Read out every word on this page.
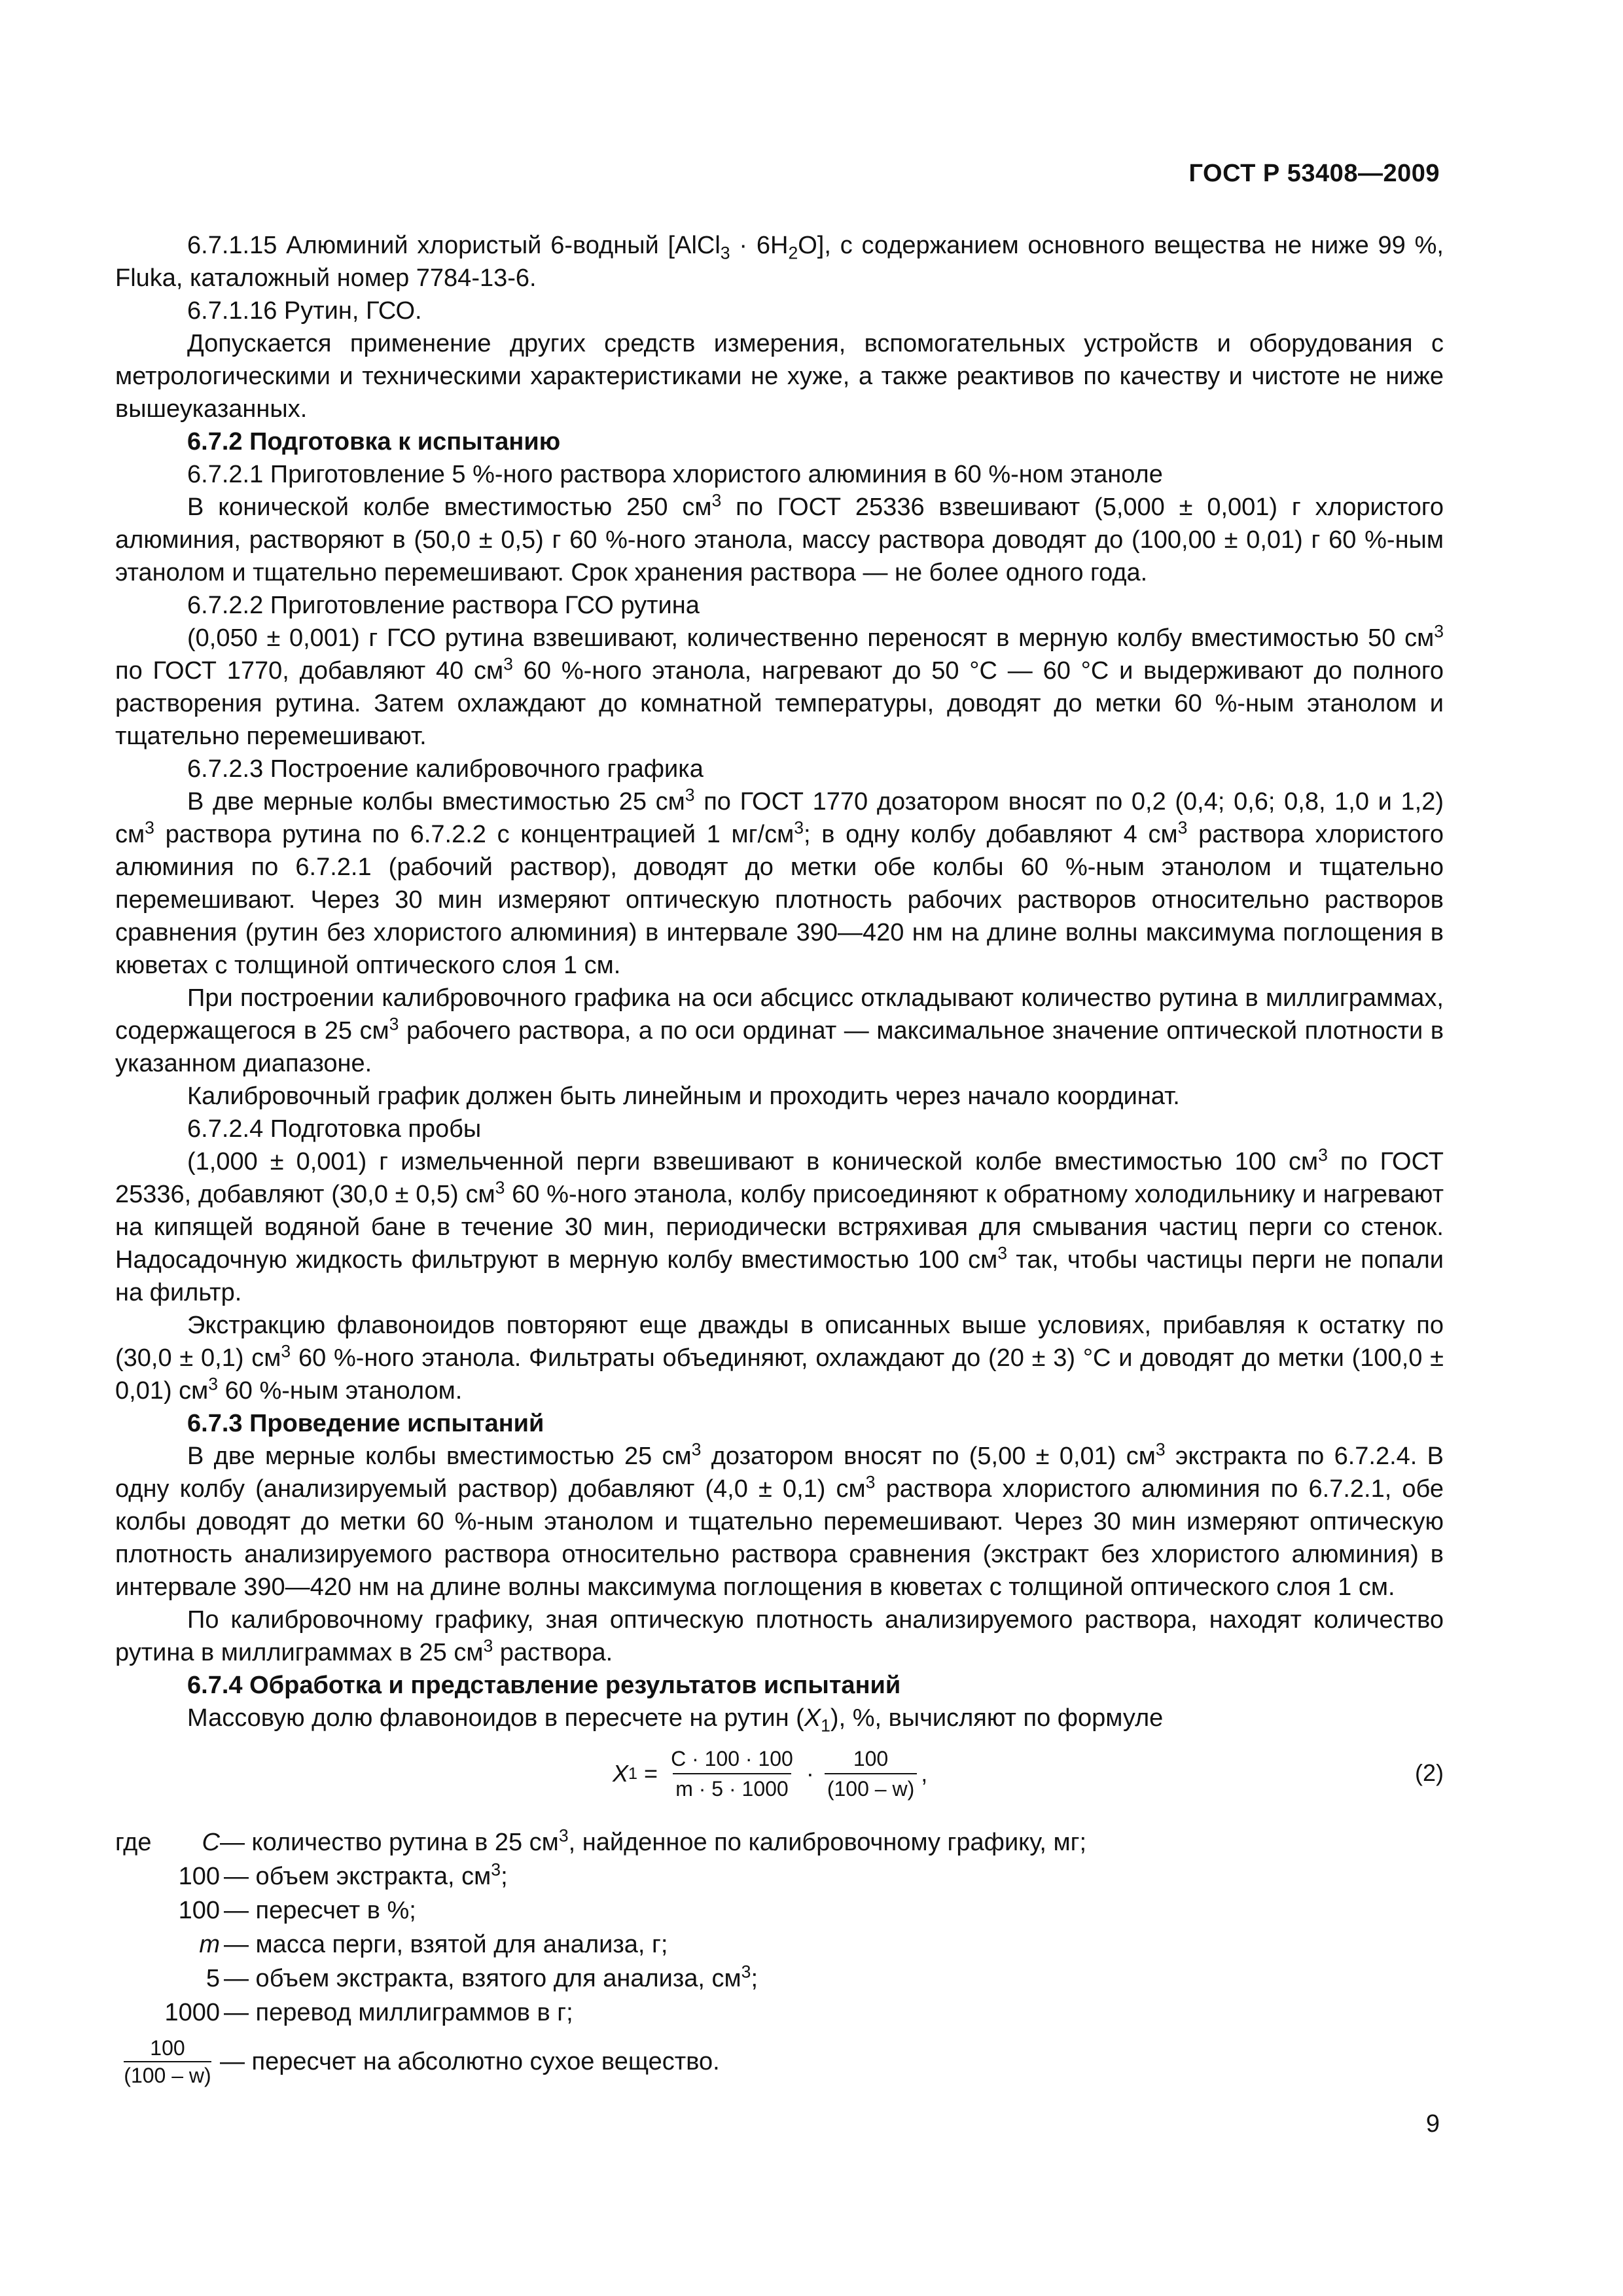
ГОСТ Р 53408—2009

6.7.1.15 Алюминий хлористый 6-водный [AlCl$_3$ · $6H_2O$], с содержанием основного вещества не ниже 99 %, Fluka, каталожный номер 7784-13-6.

6.7.1.16 Рутин, ГСО.

Допускается применение других средств измерения, вспомогательных устройств и оборудования с метрологическими и техническими характеристиками не хуже, а также реактивов по качеству и чистоте не ниже вышеуказанных.

6.7.2 Подготовка к испытанию

6.7.2.1 Приготовление 5 %-ного раствора хлористого алюминия в 60 %-ном этаноле

В конической колбе вместимостью 250 $см^3$ по ГОСТ 25336 взвешивают (5,000 ± 0,001) г хлористого алюминия, растворяют в (50,0 ± 0,5) г 60 %-ного этанола, массу раствора доводят до (100,00 ± 0,01) г 60 %-ным этанолом и тщательно перемешивают. Срок хранения раствора — не более одного года.

6.7.2.2 Приготовление раствора ГСО рутина

(0,050 ± 0,001) г ГСО рутина взвешивают, количественно переносят в мерную колбу вместимостью 50 $см^3$ по ГОСТ 1770, добавляют 40 $см^3$ 60 %-ного этанола, нагревают до 50 °С — 60 °С и выдерживают до полного растворения рутина. Затем охлаждают до комнатной температуры, доводят до метки 60 %-ным этанолом и тщательно перемешивают.

6.7.2.3 Построение калибровочного графика

В две мерные колбы вместимостью 25 $см^3$ по ГОСТ 1770 дозатором вносят по 0,2 (0,4; 0,6; 0,8, 1,0 и 1,2) $см^3$ раствора рутина по 6.7.2.2 с концентрацией 1 $мг/см^3$; в одну колбу добавляют 4 $см^3$ раствора хлористого алюминия по 6.7.2.1 (рабочий раствор), доводят до метки обе колбы 60 %-ным этанолом и тщательно перемешивают. Через 30 мин измеряют оптическую плотность рабочих растворов относительно растворов сравнения (рутин без хлористого алюминия) в интервале 390—420 нм на длине волны максимума поглощения в кюветах с толщиной оптического слоя 1 см.

При построении калибровочного графика на оси абсцисс откладывают количество рутина в миллиграммах, содержащегося в 25 $см^3$ рабочего раствора, а по оси ординат — максимальное значение оптической плотности в указанном диапазоне.

Калибровочный график должен быть линейным и проходить через начало координат.

6.7.2.4 Подготовка пробы

(1,000 ± 0,001) г измельченной перги взвешивают в конической колбе вместимостью 100 $см^3$ по ГОСТ 25336, добавляют (30,0 ± 0,5) $см^3$ 60 %-ного этанола, колбу присоединяют к обратному холодильнику и нагревают на кипящей водяной бане в течение 30 мин, периодически встряхивая для смывания частиц перги со стенок. Надосадочную жидкость фильтруют в мерную колбу вместимостью 100 $см^3$ так, чтобы частицы перги не попали на фильтр.

Экстракцию флавоноидов повторяют еще дважды в описанных выше условиях, прибавляя к остатку по (30,0 ± 0,1) $см^3$ 60 %-ного этанола. Фильтраты объединяют, охлаждают до (20 ± 3) °С и доводят до метки (100,0 ± 0,01) $см^3$ 60 %-ным этанолом.

6.7.3 Проведение испытаний

В две мерные колбы вместимостью 25 $см^3$ дозатором вносят по (5,00 ± 0,01) $см^3$ экстракта по 6.7.2.4. В одну колбу (анализируемый раствор) добавляют (4,0 ± 0,1) $см^3$ раствора хлористого алюминия по 6.7.2.1, обе колбы доводят до метки 60 %-ным этанолом и тщательно перемешивают. Через 30 мин измеряют оптическую плотность анализируемого раствора относительно раствора сравнения (экстракт без хлористого алюминия) в интервале 390—420 нм на длине волны максимума поглощения в кюветах с толщиной оптического слоя 1 см.

По калибровочному графику, зная оптическую плотность анализируемого раствора, находят количество рутина в миллиграммах в 25 $см^3$ раствора.

6.7.4 Обработка и представление результатов испытаний

Массовую долю флавоноидов в пересчете на рутин $(X_1)$, %, вычисляют по формуле

X $1 = \frac{C \cdot 100 \cdot 100}{m \cdot 5 \cdot 1000} \cdot \frac{100}{(100 - w)}$ ,	(2)
где	C — количество рутина в 25 $см^3$, найденное по калибровочному графику, мг;
100 — объем экстракта, $см^3$;
100 — пересчет в %;
m — масса перги, взятой для анализа, г;
5 — объем экстракта, взятого для анализа, $см^3$;
1000 — перевод миллиграммов в г;
$\frac{100}{(100 - w)}$ — пересчет на абсолютно сухое вещество.
9
